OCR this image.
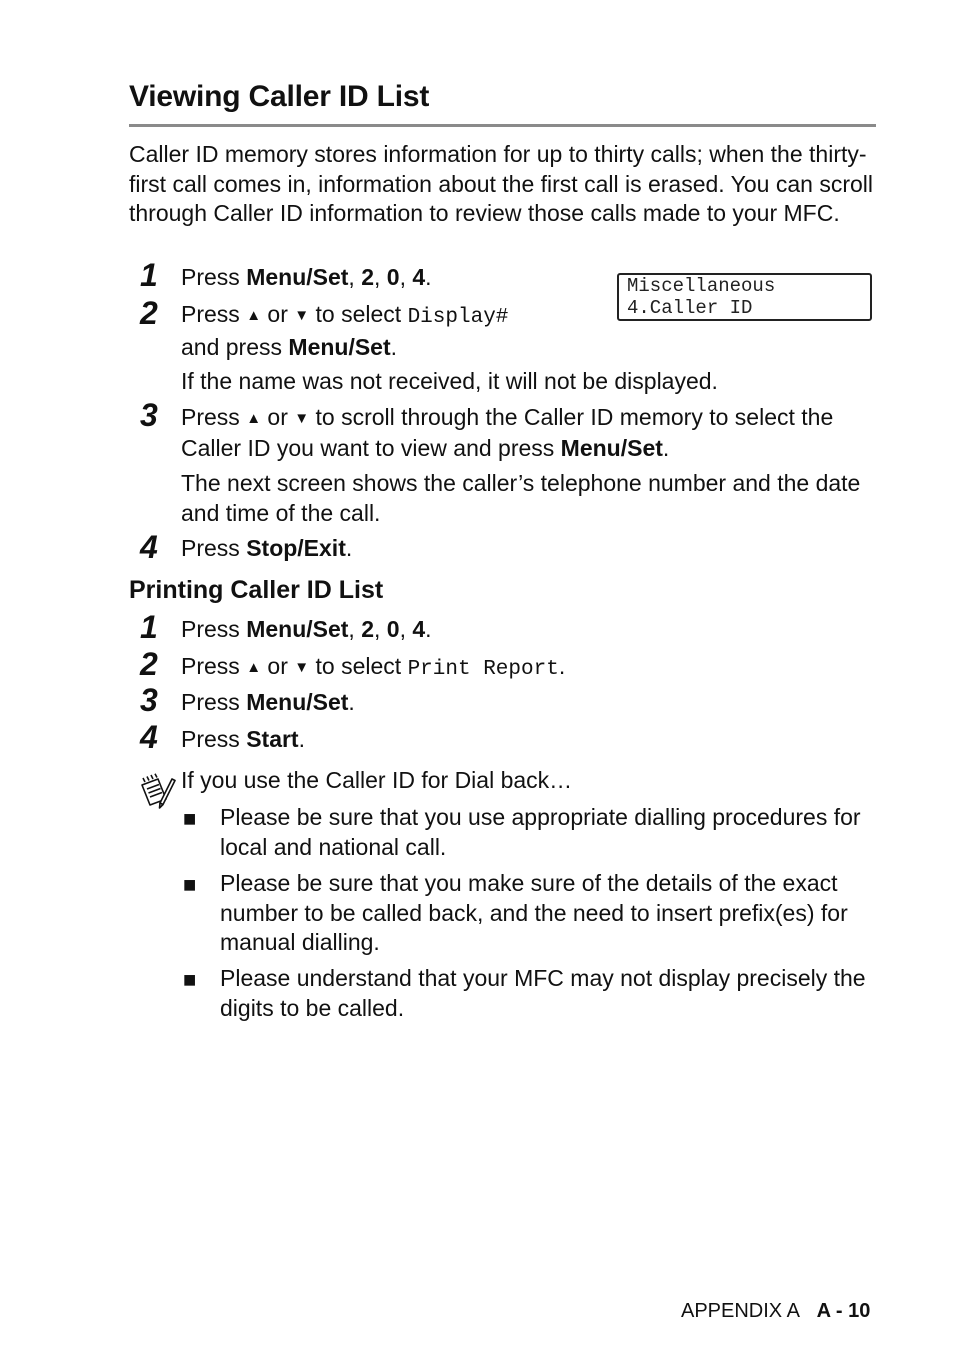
Viewing Caller ID List
Caller ID memory stores information for up to thirty calls; when the thirty-first call comes in, information about the first call is erased. You can scroll through Caller ID information to review those calls made to your MFC.
Miscellaneous
4.Caller ID
1 Press Menu/Set, 2, 0, 4.
2 Press ▲ or ▼ to select Display#
and press Menu/Set.
If the name was not received, it will not be displayed.
3 Press ▲ or ▼ to scroll through the Caller ID memory to select the Caller ID you want to view and press Menu/Set.
The next screen shows the caller’s telephone number and the date and time of the call.
4 Press Stop/Exit.
Printing Caller ID List
1 Press Menu/Set, 2, 0, 4.
2 Press ▲ or ▼ to select Print Report.
3 Press Menu/Set.
4 Press Start.
If you use the Caller ID for Dial back…
■ Please be sure that you use appropriate dialling procedures for local and national call.
■ Please be sure that you make sure of the details of the exact number to be called back, and the need to insert prefix(es) for manual dialling.
■ Please understand that your MFC may not display precisely the digits to be called.
APPENDIX A A - 10
